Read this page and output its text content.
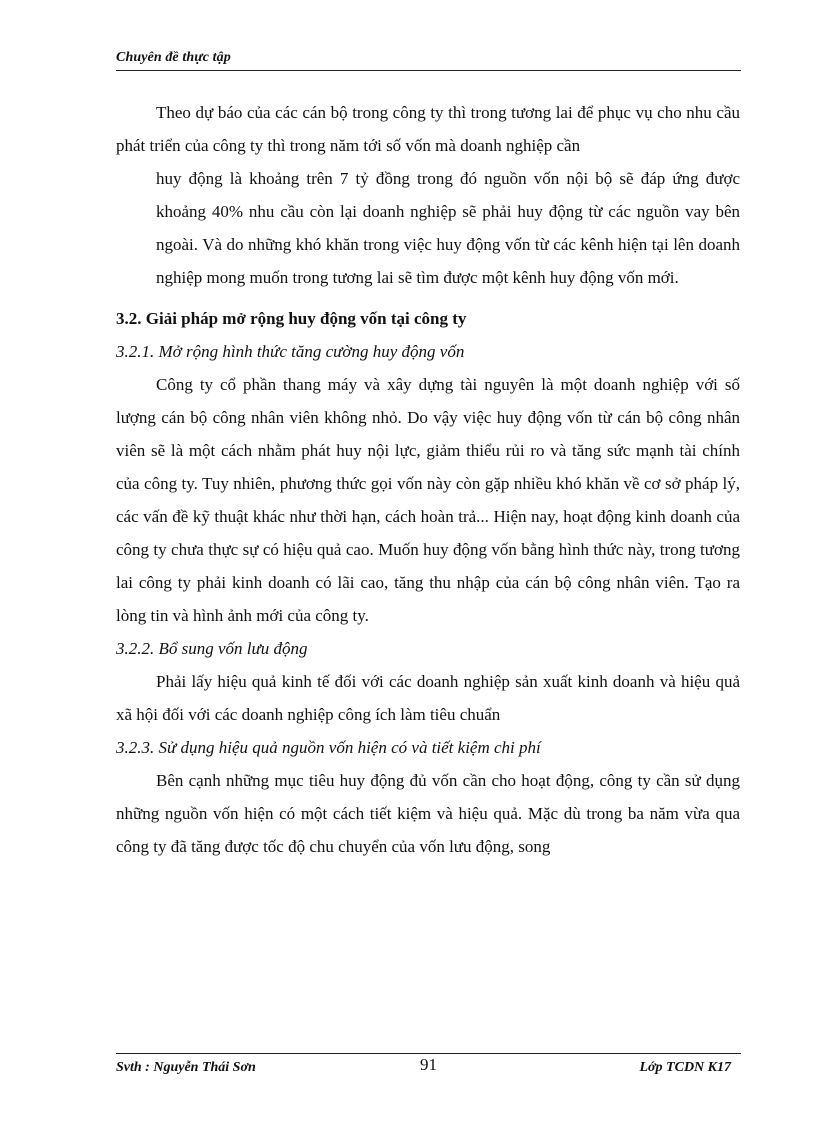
Chuyên đề thực tập

Theo dự báo của các cán bộ trong công ty thì trong tương lai để phục vụ cho nhu cầu phát triển của công ty thì trong năm tới số vốn mà doanh nghiệp cần

huy động là khoảng trên 7 tỷ đồng trong đó nguồn vốn nội bộ sẽ đáp ứng được khoảng 40% nhu cầu còn lại doanh nghiệp sẽ phải huy động từ các nguồn vay bên ngoài. Và do những khó khăn trong việc huy động vốn từ các kênh hiện tại lên doanh nghiệp mong muốn trong tương lai sẽ tìm được một kênh huy động vốn mới.

3.2. Giải pháp mở rộng huy động vốn tại công ty
3.2.1. Mở rộng hình thức tăng cường huy động vốn

Công ty cổ phần thang máy và xây dựng tài nguyên là một doanh nghiệp với số lượng cán bộ công nhân viên không nhỏ. Do vậy việc huy động vốn từ cán bộ công nhân viên sẽ là một cách nhằm phát huy nội lực, giảm thiểu rủi ro và tăng sức mạnh tài chính của công ty. Tuy nhiên, phương thức gọi vốn này còn gặp nhiều khó khăn về cơ sở pháp lý, các vấn đề kỹ thuật khác như thời hạn, cách hoàn trả... Hiện nay, hoạt động kinh doanh của công ty chưa thực sự có hiệu quả cao. Muốn huy động vốn bằng hình thức này, trong tương lai công ty phải kinh doanh có lãi cao, tăng thu nhập của cán bộ công nhân viên. Tạo ra lòng tin và hình ảnh mới của công ty.

3.2.2. Bổ sung vốn lưu động

Phải lấy hiệu quả kinh tế đối với các doanh nghiệp sản xuất kinh doanh và hiệu quả xã hội đối với các doanh nghiệp công ích làm tiêu chuẩn

3.2.3. Sử dụng hiệu quả nguồn vốn hiện có và tiết kiệm chi phí

Bên cạnh những mục tiêu huy động đủ vốn cần cho hoạt động, công ty cần sử dụng những nguồn vốn hiện có một cách tiết kiệm và hiệu quả. Mặc dù trong ba năm vừa qua công ty đã tăng được tốc độ chu chuyển của vốn lưu động, song

Svth : Nguyễn Thái Sơn	91	Lớp TCDN K17
